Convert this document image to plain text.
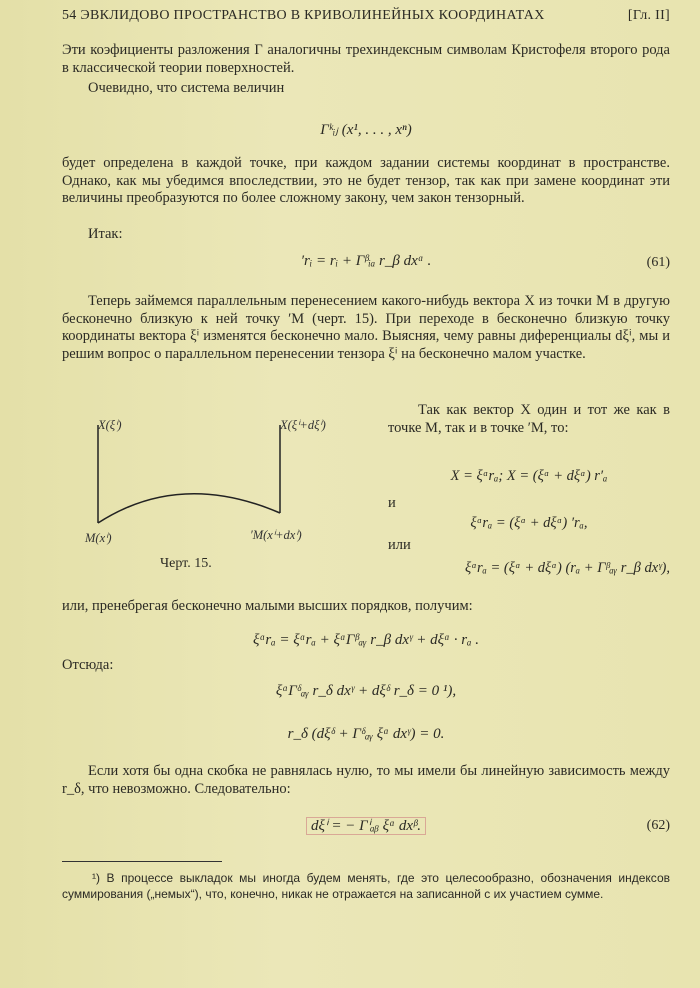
54 ЭВКЛИДОВО ПРОСТРАНСТВО В КРИВОЛИНЕЙНЫХ КООРДИНАТАХ	[Гл. II]
Эти коэфициенты разложения Γ аналогичны трехиндексным символам Кристофеля второго рода в классической теории поверхностей.
Очевидно, что система величин
Γᵏᵢⱼ (x¹, . . . , xⁿ)
будет определена в каждой точке, при каждом задании системы координат в пространстве. Однако, как мы убедимся впоследствии, это не будет тензор, так как при замене координат эти величины преобразуются по более сложному закону, чем закон тензорный.
Итак:
′rᵢ = rᵢ + Γᵝᵢₐ r_β dxᵅ .	(61)
Теперь займемся параллельным перенесением какого-нибудь вектора X из точки M в другую бесконечно близкую к ней точку ′M (черт. 15). При переходе в бесконечно близкую точку координаты вектора ξⁱ изменятся бесконечно мало. Выясняя, чему равны диференциалы dξⁱ, мы и решим вопрос о параллельном перенесении тензора ξⁱ на бесконечно малом участке.
X(ξⁱ)	X(ξⁱ+dξⁱ)
M(xⁱ)	′M(xⁱ+dxⁱ)
Черт. 15.
Так как вектор X один и тот же как в точке M, так и в точке ′M, то:
X = ξᵅrₐ; X = (ξᵅ + dξᵅ) r′ₐ
и
ξᵅrₐ = (ξᵅ + dξᵅ) ′rₐ,
или
ξᵅrₐ = (ξᵅ + dξᵅ) (rₐ + Γᵝₐᵧ r_β dxᵞ),
или, пренебрегая бесконечно малыми высших порядков, получим:
ξᵅrₐ = ξᵅrₐ + ξᵅΓᵝₐᵧ r_β dxᵞ + dξᵅ · rₐ .
Отсюда:
ξᵅΓᵟₐᵧ r_δ dxᵞ + dξᵟ r_δ = 0 ¹),
r_δ (dξᵟ + Γᵟₐᵧ ξᵅ dxᵞ) = 0.
Если хотя бы одна скобка не равнялась нулю, то мы имели бы линейную зависимость между r_δ, что невозможно. Следовательно:
dξⁱ = − Γⁱₐᵦ ξᵅ dxᵝ.	(62)
¹) В процессе выкладок мы иногда будем менять, где это целесообразно, обозначения индексов суммирования („немых“), что, конечно, никак не отражается на записанной с их участием сумме.
